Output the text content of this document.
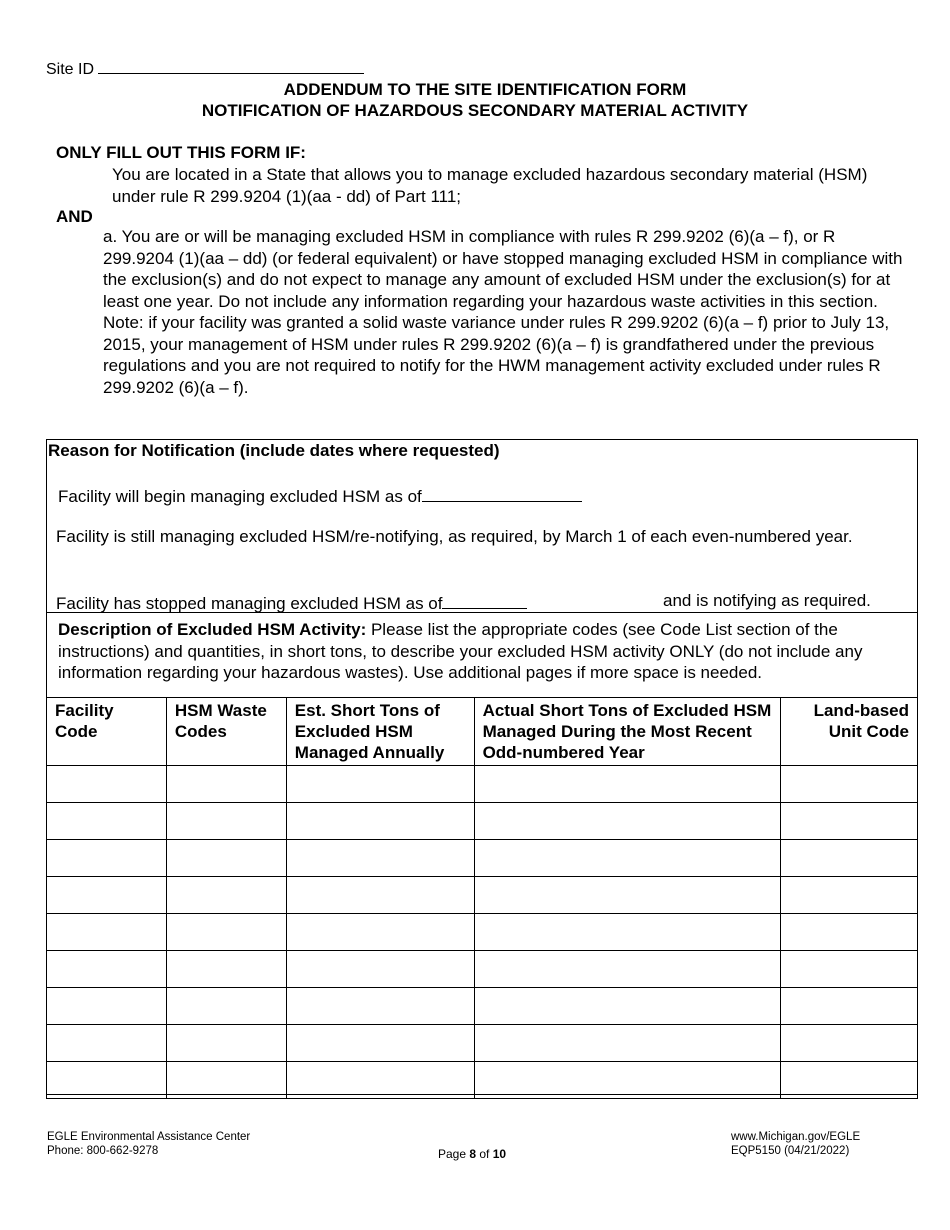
Site ID
ADDENDUM TO THE SITE IDENTIFICATION FORM
NOTIFICATION OF HAZARDOUS SECONDARY MATERIAL ACTIVITY
ONLY FILL OUT THIS FORM IF:
You are located in a State that allows you to manage excluded hazardous secondary material (HSM) under rule R 299.9204 (1)(aa - dd) of Part 111;
AND
a. You are or will be managing excluded HSM in compliance with rules R 299.9202 (6)(a – f), or R 299.9204 (1)(aa – dd) (or federal equivalent) or have stopped managing excluded HSM in compliance with the exclusion(s) and do not expect to manage any amount of excluded HSM under the exclusion(s) for at least one year. Do not include any information regarding your hazardous waste activities in this section. Note: if your facility was granted a solid waste variance under rules R 299.9202 (6)(a – f) prior to July 13, 2015, your management of HSM under rules R 299.9202 (6)(a – f) is grandfathered under the previous regulations and you are not required to notify for the HWM management activity excluded under rules R 299.9202 (6)(a – f).
Reason for Notification (include dates where requested)
Facility will begin managing excluded HSM as of
Facility is still managing excluded HSM/re-notifying, as required, by March 1 of each even-numbered year.
Facility has stopped managing excluded HSM as of	and is notifying as required.
Description of Excluded HSM Activity: Please list the appropriate codes (see Code List section of the instructions) and quantities, in short tons, to describe your excluded HSM activity ONLY (do not include any information regarding your hazardous wastes). Use additional pages if more space is needed.
Facility Code	HSM Waste Codes	Est. Short Tons of Excluded HSM Managed Annually	Actual Short Tons of Excluded HSM Managed During the Most Recent Odd-numbered Year	Land-based Unit Code

EGLE Environmental Assistance Center
Phone: 800-662-9278	Page 8 of 10
www.Michigan.gov/EGLE
EQP5150 (04/21/2022)
